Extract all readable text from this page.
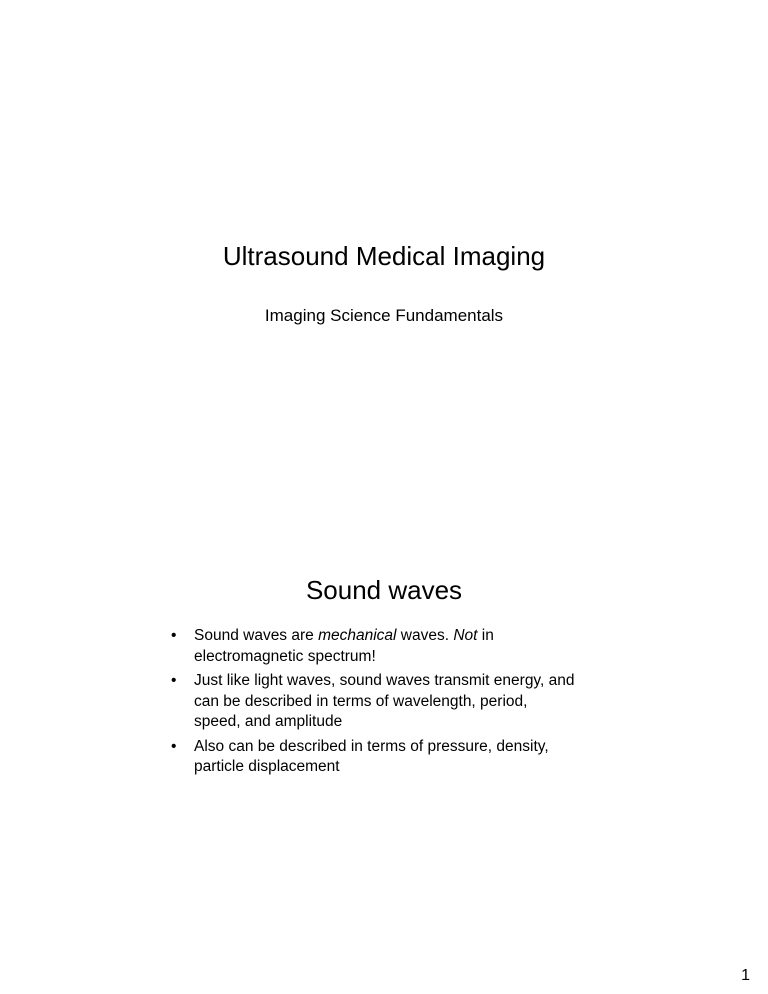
Ultrasound Medical Imaging

Imaging Science Fundamentals

Sound waves
• Sound waves are mechanical waves. Not in electromagnetic spectrum!
• Just like light waves, sound waves transmit energy, and can be described in terms of wavelength, period, speed, and amplitude
• Also can be described in terms of pressure, density, particle displacement
1
